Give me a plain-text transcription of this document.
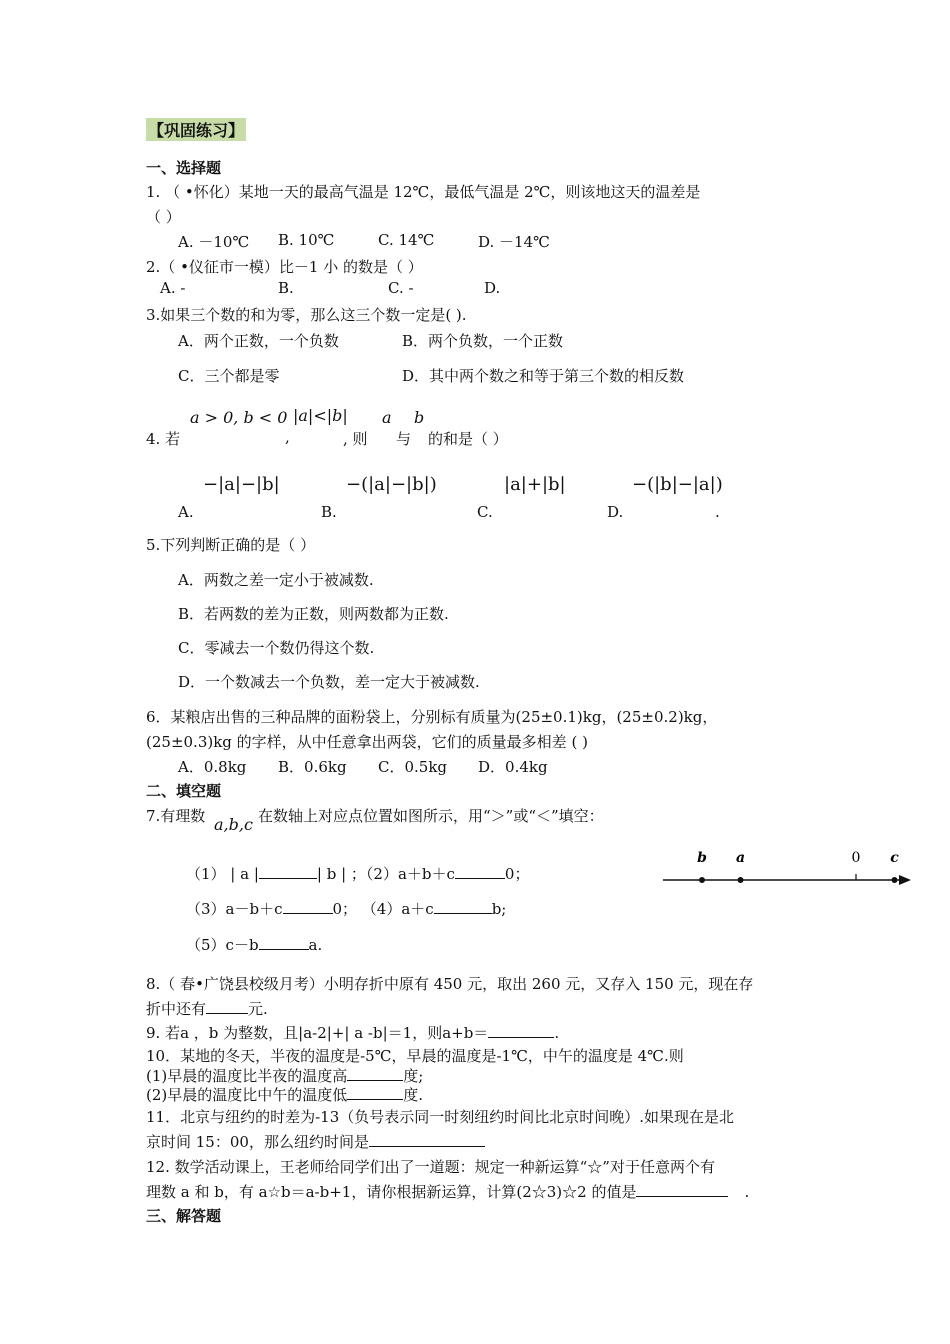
【巩固练习】
一、选择题
1. （ •怀化）某地一天的最高气温是 12℃，最低气温是 2℃，则该地这天的温差是
（ ）
A. －10℃ B. 10℃	C. 14℃	D. －14℃
2.（ •仪征市一模）比－1 小 的数是（ ）
A. -	B.	C. -	D.
3.如果三个数的和为零，那么这三个数一定是( ).
A．两个正数，一个负数	B．两个负数，一个正数
C．三个都是零	D．其中两个数之和等于第三个数的相反数
4. 若
a > 0, b < 0
,
|a|<|b|
, 则
a
与
b
的和是（ ）
−|a|−|b|	−(|a|−|b|)	|a|+|b|	−(|b|−|a|)
A.	B.	C.	D.	.
5.下列判断正确的是（ ）
A．两数之差一定小于被减数.
B．若两数的差为正数，则两数都为正数.
C．零减去一个数仍得这个数.
D．一个数减去一个负数，差一定大于被减数.
6．某粮店出售的三种品牌的面粉袋上，分别标有质量为(25±0.1)kg，(25±0.2)kg，
(25±0.3)kg 的字样，从中任意拿出两袋，它们的质量最多相差 ( )
A．0.8kg B．0.6kg C．0.5kg D．0.4kg
二、填空题
7.有理数 a,b,c 在数轴上对应点位置如图所示，用“＞”或“＜”填空：
（1） | a |	| b | ；（2）a＋b＋c	0；
（3）a－b＋c	0； （4）a＋c	b;
（5）c－b	a.
b a	0 c
8.（ 春•广饶县校级月考）小明存折中原有 450 元，取出 260 元，又存入 150 元，现在存
折中还有	元.
9. 若a ，b 为整数，且|a-2|+| a -b|＝1，则a+b＝	.
10．某地的冬天，半夜的温度是-5℃，早晨的温度是-1℃，中午的温度是 4℃.则
(1)早晨的温度比半夜的温度高	度;
(2)早晨的温度比中午的温度低	度.
11．北京与纽约的时差为-13（负号表示同一时刻纽约时间比北京时间晚）.如果现在是北
京时间 15：00，那么纽约时间是
12. 数学活动课上，王老师给同学们出了一道题：规定一种新运算“☆”对于任意两个有
理数 a 和 b，有 a☆b＝a-b+1，请你根据新运算，计算(2☆3)☆2 的值是	.
三、解答题
